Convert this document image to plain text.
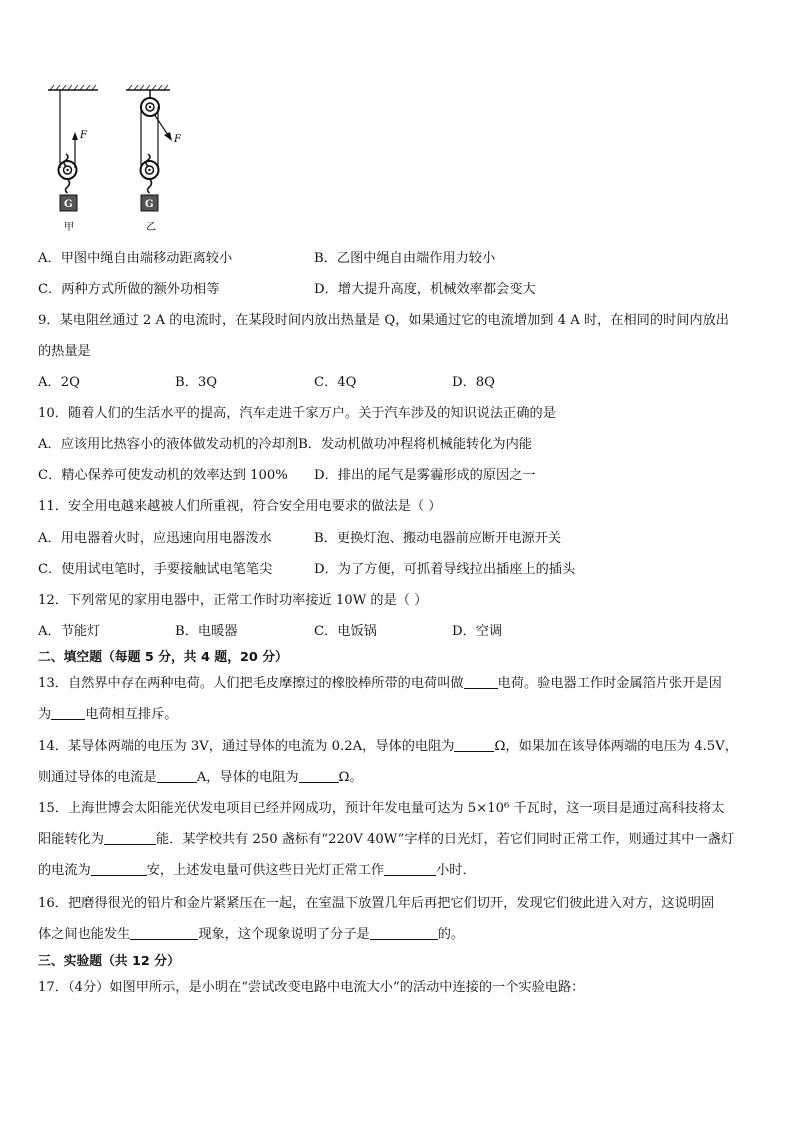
F
G
甲
F
G
乙
A．甲图中绳自由端移动距离较小	B．乙图中绳自由端作用力较小
C．两种方式所做的额外功相等	D．增大提升高度，机械效率都会变大
9．某电阻丝通过 2 A 的电流时，在某段时间内放出热量是 Q，如果通过它的电流增加到 4 A 时，在相同的时间内放出
的热量是
A．2Q	B．3Q	C．4Q	D．8Q
10．随着人们的生活水平的提高，汽车走进千家万户。关于汽车涉及的知识说法正确的是
A．应该用比热容小的液体做发动机的冷却剂B．发动机做功冲程将机械能转化为内能
C．精心保养可使发动机的效率达到 100% D．排出的尾气是雾霾形成的原因之一
11．安全用电越来越被人们所重视，符合安全用电要求的做法是（ ）
A．用电器着火时，应迅速向用电器泼水	B．更换灯泡、搬动电器前应断开电源开关
C．使用试电笔时，手要接触试电笔笔尖	D．为了方便，可抓着导线拉出插座上的插头
12．下列常见的家用电器中，正常工作时功率接近 10W 的是（ ）
A．节能灯	B．电暖器	C．电饭锅	D．空调
二、填空题（每题 5 分，共 4 题，20 分）
13．自然界中存在两种电荷。人们把毛皮摩擦过的橡胶棒所带的电荷叫做	电荷。验电器工作时金属箔片张开是因
为	电荷相互排斥。
14．某导体两端的电压为 3V，通过导体的电流为 0.2A，导体的电阻为	Ω，如果加在该导体两端的电压为 4.5V，
则通过导体的电流是	A，导体的电阻为	Ω。
15．上海世博会太阳能光伏发电项目已经并网成功，预计年发电量可达为 5×10⁶ 千瓦时，这一项目是通过高科技将太
阳能转化为	能．某学校共有 250 盏标有“220V 40W”字样的日光灯，若它们同时正常工作，则通过其中一盏灯
的电流为	安，上述发电量可供这些日光灯正常工作	小时．
16．把磨得很光的铅片和金片紧紧压在一起，在室温下放置几年后再把它们切开，发现它们彼此进入对方，这说明固
体之间也能发生	现象，这个现象说明了分子是	的。
三、实验题（共 12 分）
17．（4分）如图甲所示，是小明在“尝试改变电路中电流大小”的活动中连接的一个实验电路：
